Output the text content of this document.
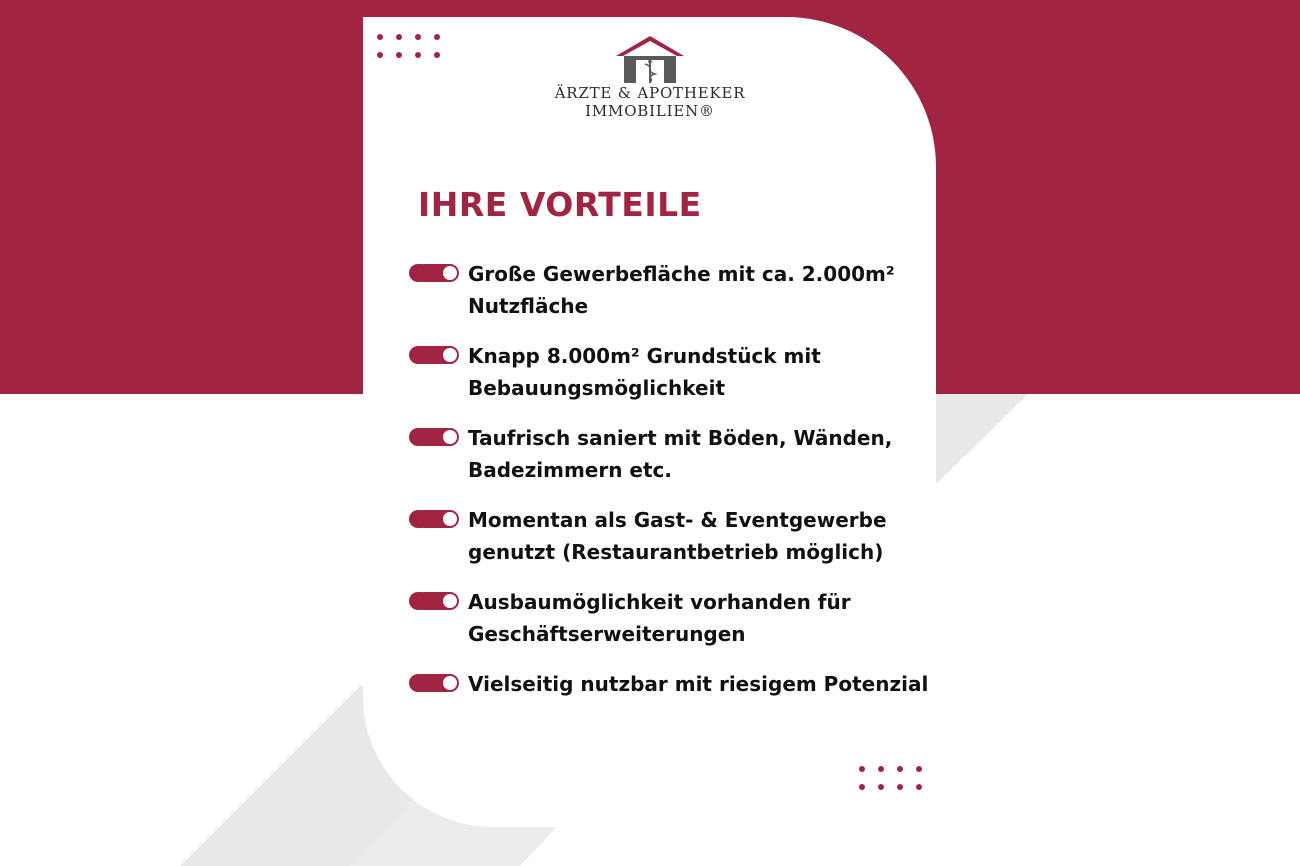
ÄRZTE & APOTHEKER
IMMOBILIEN®
IHRE VORTEILE
Große Gewerbefläche mit ca. 2.000m² Nutzfläche
Knapp 8.000m² Grundstück mit Bebauungsmöglichkeit
Taufrisch saniert mit Böden, Wänden, Badezimmern etc.
Momentan als Gast- & Eventgewerbe genutzt (Restaurantbetrieb möglich)
Ausbaumöglichkeit vorhanden für Geschäftserweiterungen
Vielseitig nutzbar mit riesigem Potenzial
